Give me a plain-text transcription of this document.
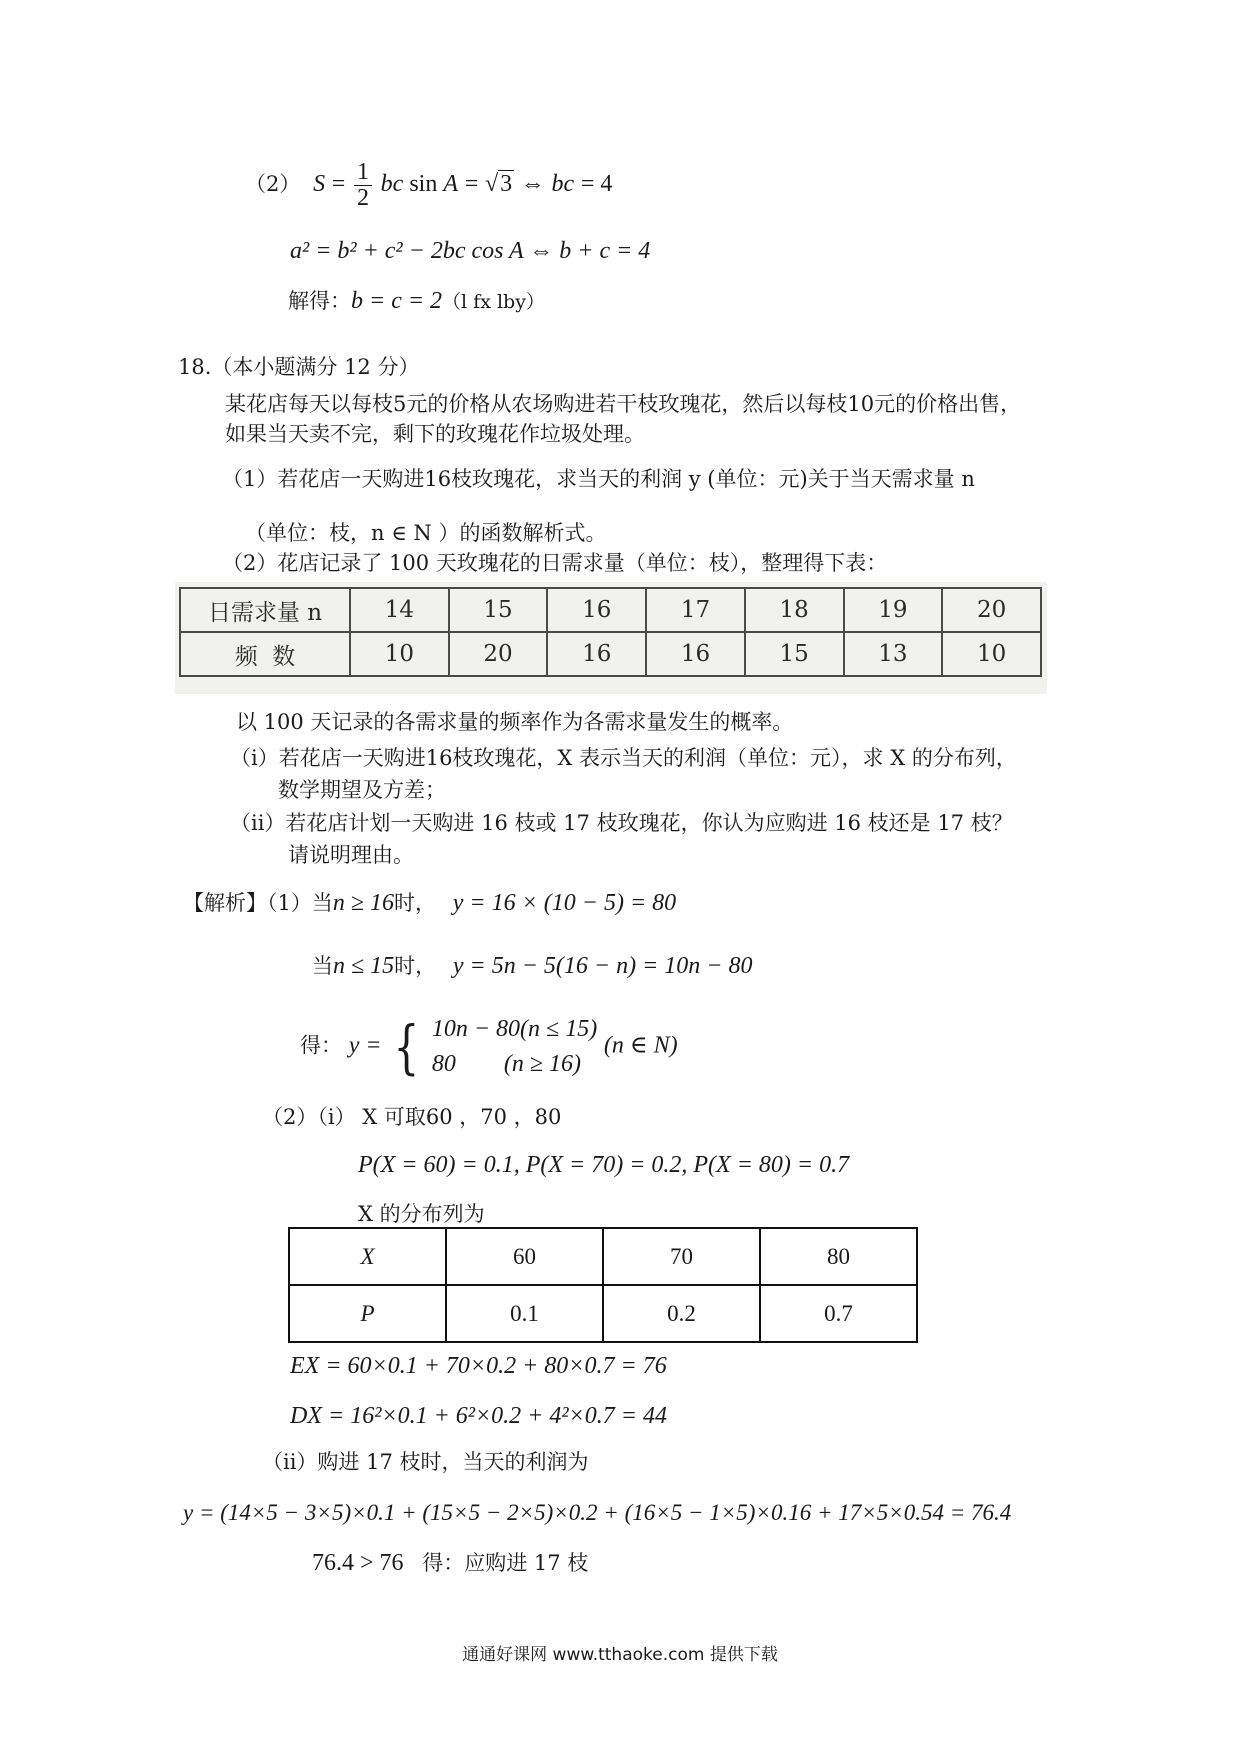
（2） $S = \frac{1}{2}$ bc sin A = √3 ⇔ bc = 4
a² = b² + c² − 2bc cos A ⇔ b + c = 4
解得：b = c = 2（l fx lby）
18.（本小题满分 12 分）
某花店每天以每枝5元的价格从农场购进若干枝玫瑰花，然后以每枝10元的价格出售，
如果当天卖不完，剩下的玫瑰花作垃圾处理。
（1）若花店一天购进16枝玫瑰花，求当天的利润 y (单位：元)关于当天需求量 n
（单位：枝，n ∈ N ）的函数解析式。
（2）花店记录了 100 天玫瑰花的日需求量（单位：枝），整理得下表：
日需求量 n	14	15	16	17	18	19	20
频  数	10	20	16	16	15	13	10
以 100 天记录的各需求量的频率作为各需求量发生的概率。
（i）若花店一天购进16枝玫瑰花，X 表示当天的利润（单位：元），求 X 的分布列，
数学期望及方差；
（ii）若花店计划一天购进 16 枝或 17 枝玫瑰花，你认为应购进 16 枝还是 17 枝？
请说明理由。
【解析】（1）当n ≥ 16时， y = 16 × (10 − 5) = 80
当n ≤ 15时， y = 5n − 5(16 − n) = 10n − 80
得： y = { 10n − 80(n ≤ 15)
80        (n ≥ 16)
(n ∈ N)
（2）（i） X 可取60 ，70 ，80
P(X = 60) = 0.1, P(X = 70) = 0.2, P(X = 80) = 0.7
X 的分布列为
X	60	70	80
P	0.1	0.2	0.7
EX = 60×0.1 + 70×0.2 + 80×0.7 = 76
DX = 16²×0.1 + 6²×0.2 + 4²×0.7 = 44
（ii）购进 17 枝时，当天的利润为
y = (14×5 − 3×5)×0.1 + (15×5 − 2×5)×0.2 + (16×5 − 1×5)×0.16 + 17×5×0.54 = 76.4
76.4 > 76 得：应购进 17 枝
通通好课网 www.tthaoke.com 提供下载
